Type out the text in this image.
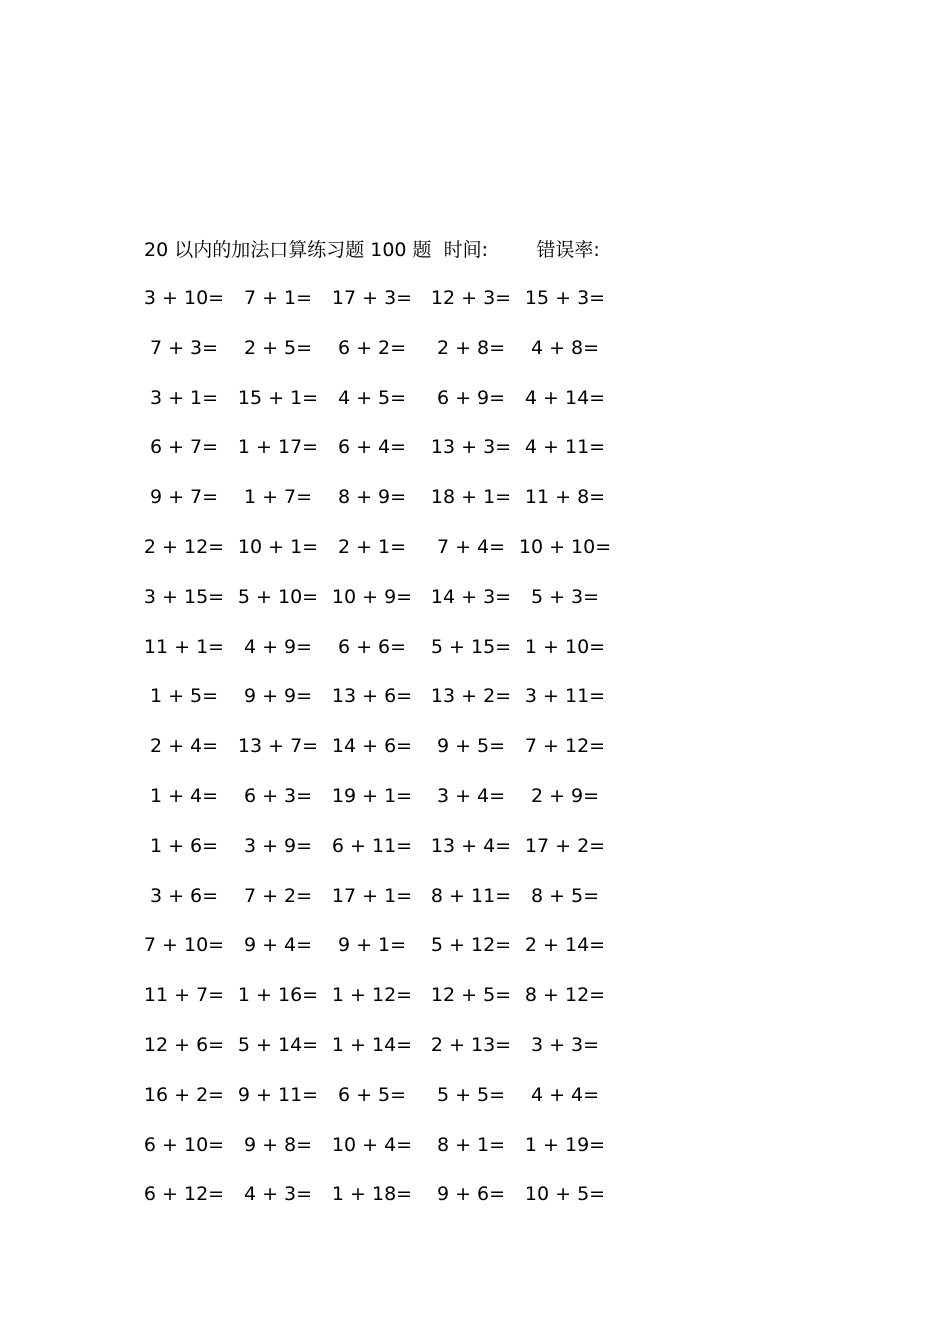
20 以内的加法口算练习题 100 题  时间:        错误率:
3 + 10=	7 + 1=	17 + 3= 12 + 3= 15 + 3=
7 + 3=	2 + 5=	6 + 2=	2 + 8=	4 + 8=
3 + 1=	15 + 1=	4 + 5=	6 + 9=	4 + 14=
6 + 7=	1 + 17=	6 + 4=	13 + 3= 4 + 11=
9 + 7=	1 + 7=	8 + 9=	18 + 1= 11 + 8=
2 + 12= 10 + 1=	2 + 1=	7 + 4= 10 + 10=
3 + 15= 5 + 10= 10 + 9= 14 + 3=	5 + 3=
11 + 1=	4 + 9=	6 + 6=	5 + 15= 1 + 10=
1 + 5=	9 + 9=	13 + 6= 13 + 2= 3 + 11=
2 + 4=	13 + 7= 14 + 6=	9 + 5=	7 + 12=
1 + 4=	6 + 3=	19 + 1=	3 + 4=	2 + 9=
1 + 6=	3 + 9=	6 + 11= 13 + 4= 17 + 2=
3 + 6=	7 + 2=	17 + 1= 8 + 11=	8 + 5=
7 + 10=	9 + 4=	9 + 1=	5 + 12= 2 + 14=
11 + 7= 1 + 16= 1 + 12= 12 + 5= 8 + 12=
12 + 6= 5 + 14= 1 + 14= 2 + 13=	3 + 3=
16 + 2= 9 + 11=	6 + 5=	5 + 5=	4 + 4=
6 + 10=	9 + 8=	10 + 4=	8 + 1=	1 + 19=
6 + 12=	4 + 3=	1 + 18=	9 + 6=	10 + 5=
